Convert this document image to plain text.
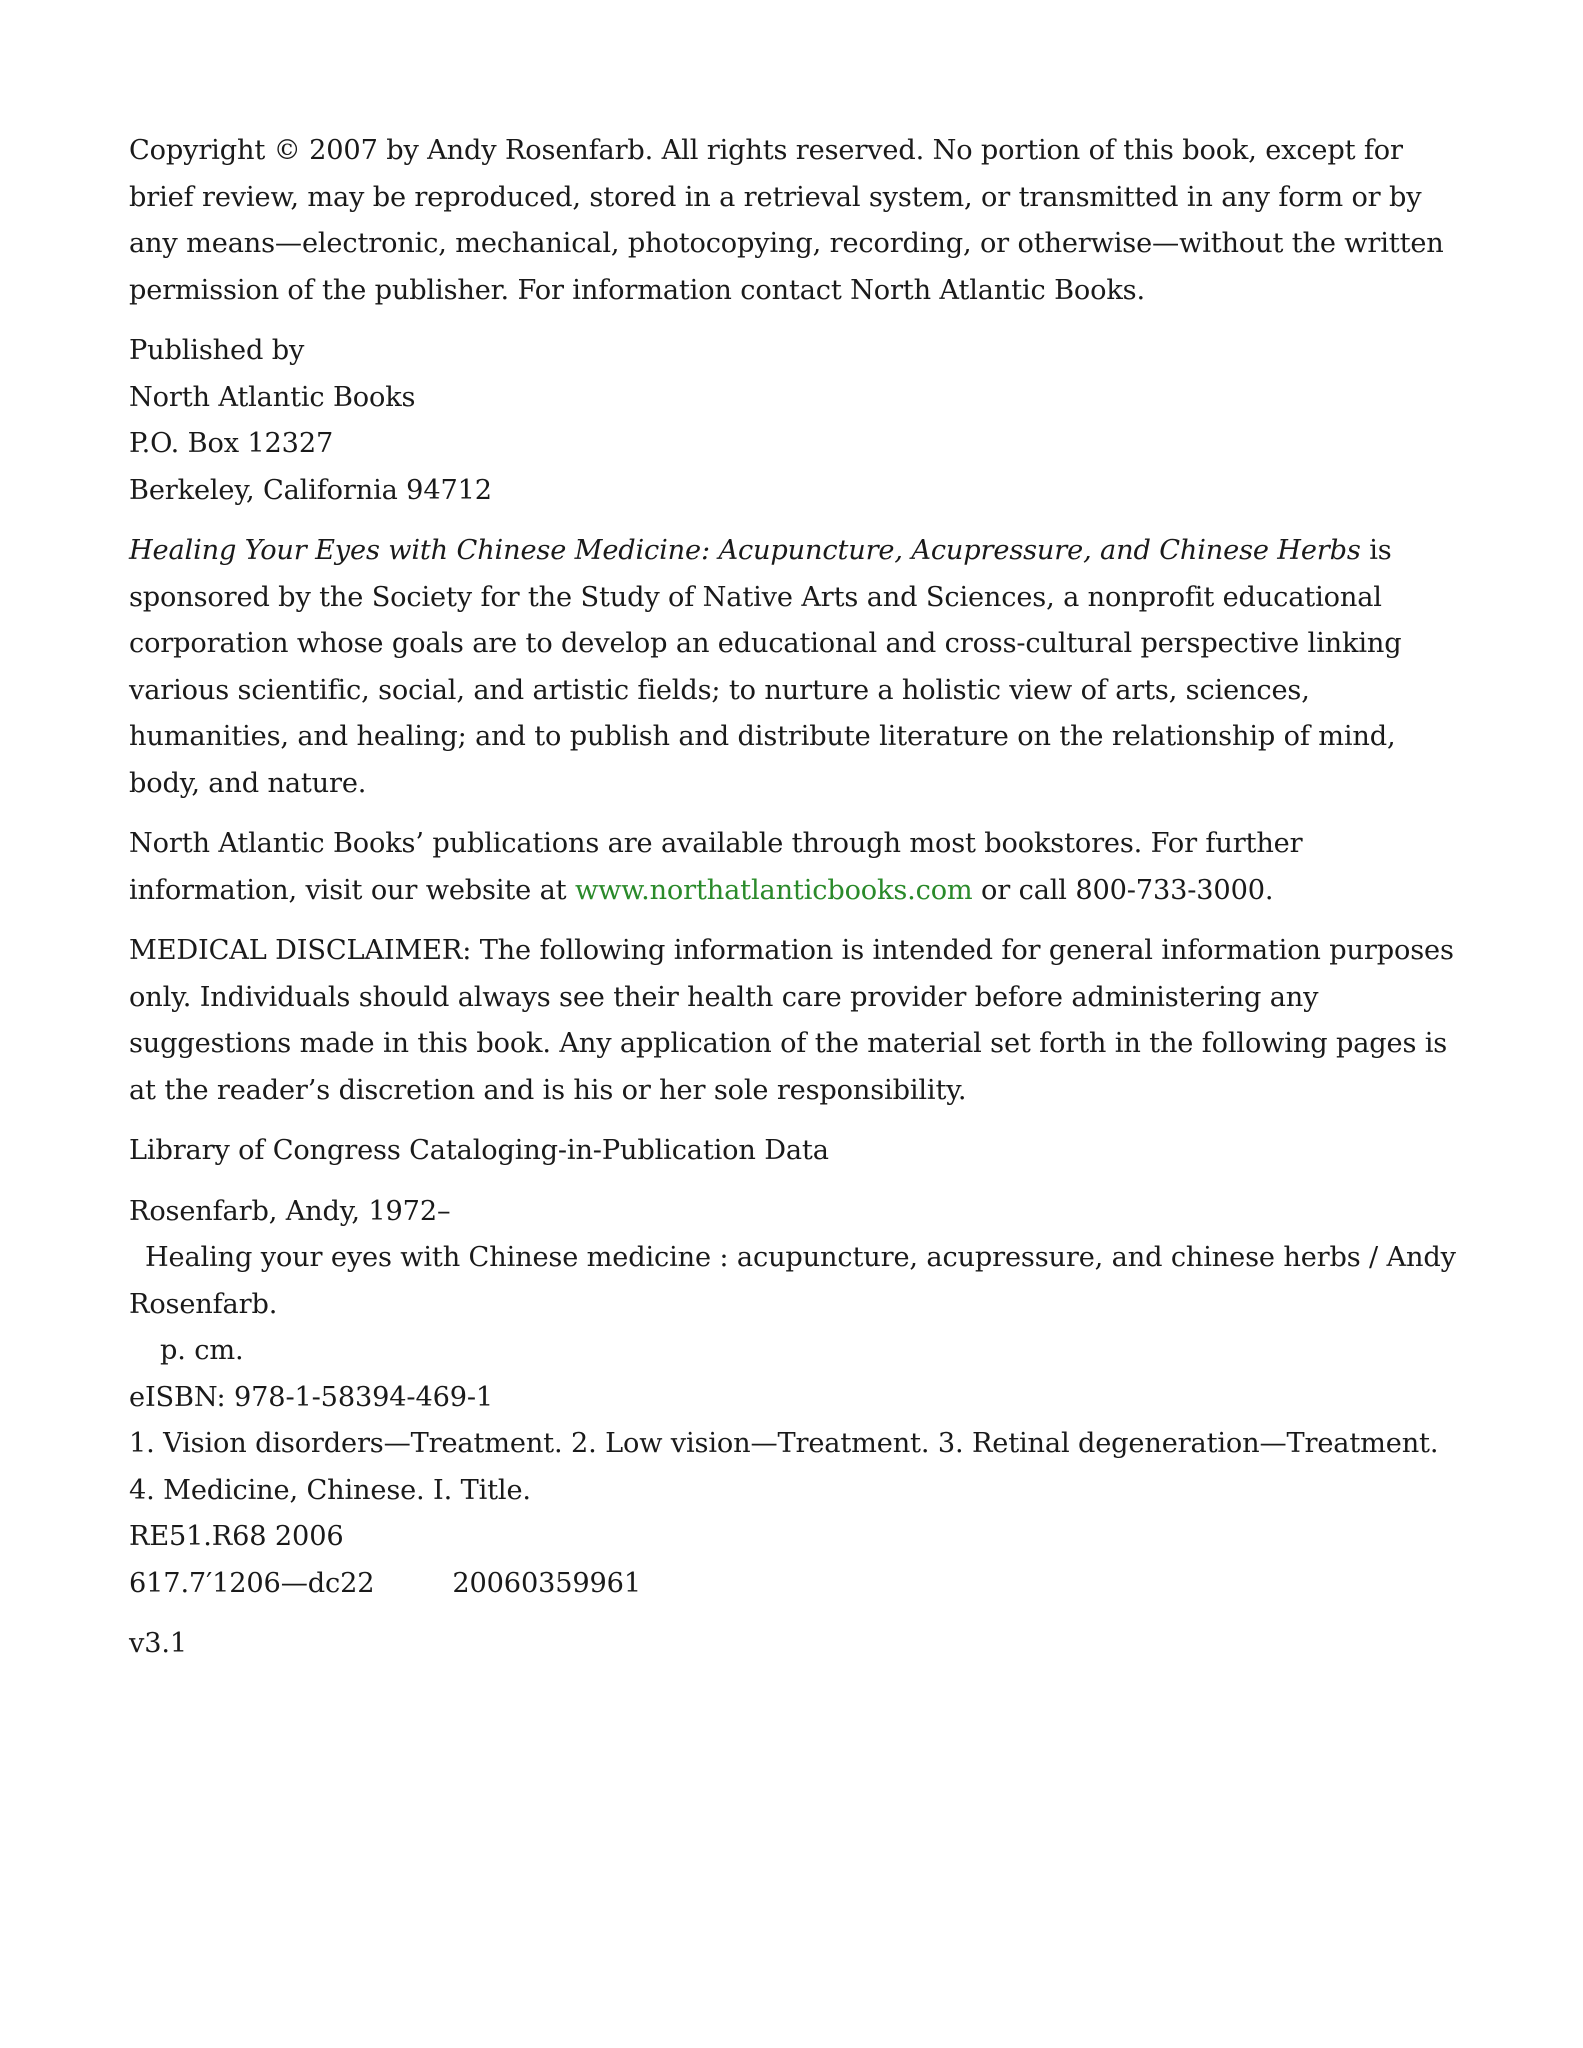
Copyright © 2007 by Andy Rosenfarb. All rights reserved. No portion of this book, except for brief review, may be reproduced, stored in a retrieval system, or transmitted in any form or by any means—electronic, mechanical, photocopying, recording, or otherwise—without the written permission of the publisher. For information contact North Atlantic Books.

Published by
North Atlantic Books
P.O. Box 12327
Berkeley, California 94712

Healing Your Eyes with Chinese Medicine: Acupuncture, Acupressure, and Chinese Herbs is sponsored by the Society for the Study of Native Arts and Sciences, a nonprofit educational corporation whose goals are to develop an educational and cross-cultural perspective linking various scientific, social, and artistic fields; to nurture a holistic view of arts, sciences, humanities, and healing; and to publish and distribute literature on the relationship of mind, body, and nature.

North Atlantic Books’ publications are available through most bookstores. For further information, visit our website at www.northatlanticbooks.com or call 800-733-3000.

MEDICAL DISCLAIMER: The following information is intended for general information purposes only. Individuals should always see their health care provider before administering any suggestions made in this book. Any application of the material set forth in the following pages is at the reader’s discretion and is his or her sole responsibility.

Library of Congress Cataloging-in-Publication Data

Rosenfarb, Andy, 1972–
Healing your eyes with Chinese medicine : acupuncture, acupressure, and chinese herbs / Andy
Rosenfarb.
p. cm.
eISBN: 978-1-58394-469-1
1. Vision disorders—Treatment. 2. Low vision—Treatment. 3. Retinal degeneration—Treatment.
4. Medicine, Chinese. I. Title.
RE51.R68 2006
617.7′1206—dc22	20060359961

v3.1
